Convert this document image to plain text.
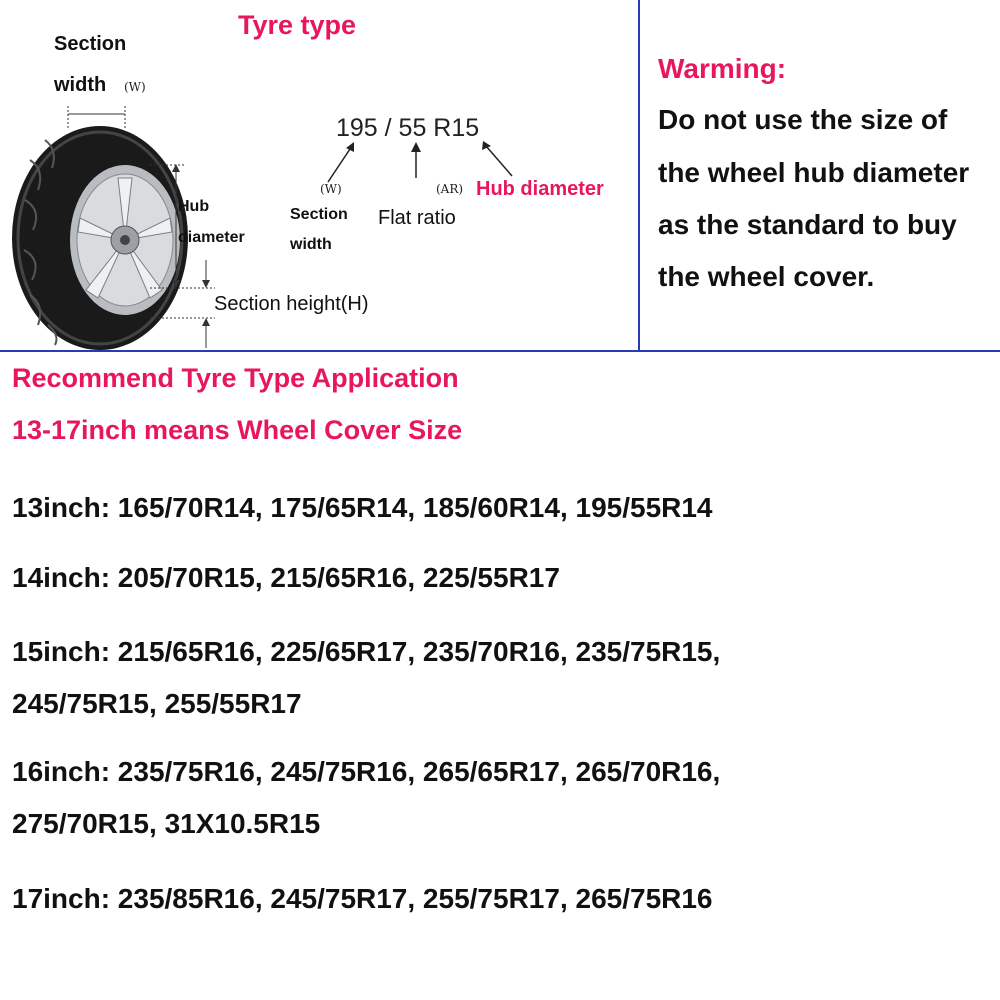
Tyre type
Section
width (W)
Hub
diameter
Section height(H)
195 / 55 R15
(W)	(AR) Hub diameter
Section
width
Flat ratio
Warming:
Do not use the size of
the wheel hub diameter
as the standard to buy
the wheel cover.
Recommend Tyre Type Application
13-17inch means Wheel Cover Size
13inch: 165/70R14, 175/65R14, 185/60R14, 195/55R14
14inch: 205/70R15, 215/65R16, 225/55R17
15inch: 215/65R16, 225/65R17, 235/70R16, 235/75R15,
245/75R15, 255/55R17
16inch: 235/75R16, 245/75R16, 265/65R17, 265/70R16,
275/70R15, 31X10.5R15
17inch: 235/85R16, 245/75R17, 255/75R17, 265/75R16
